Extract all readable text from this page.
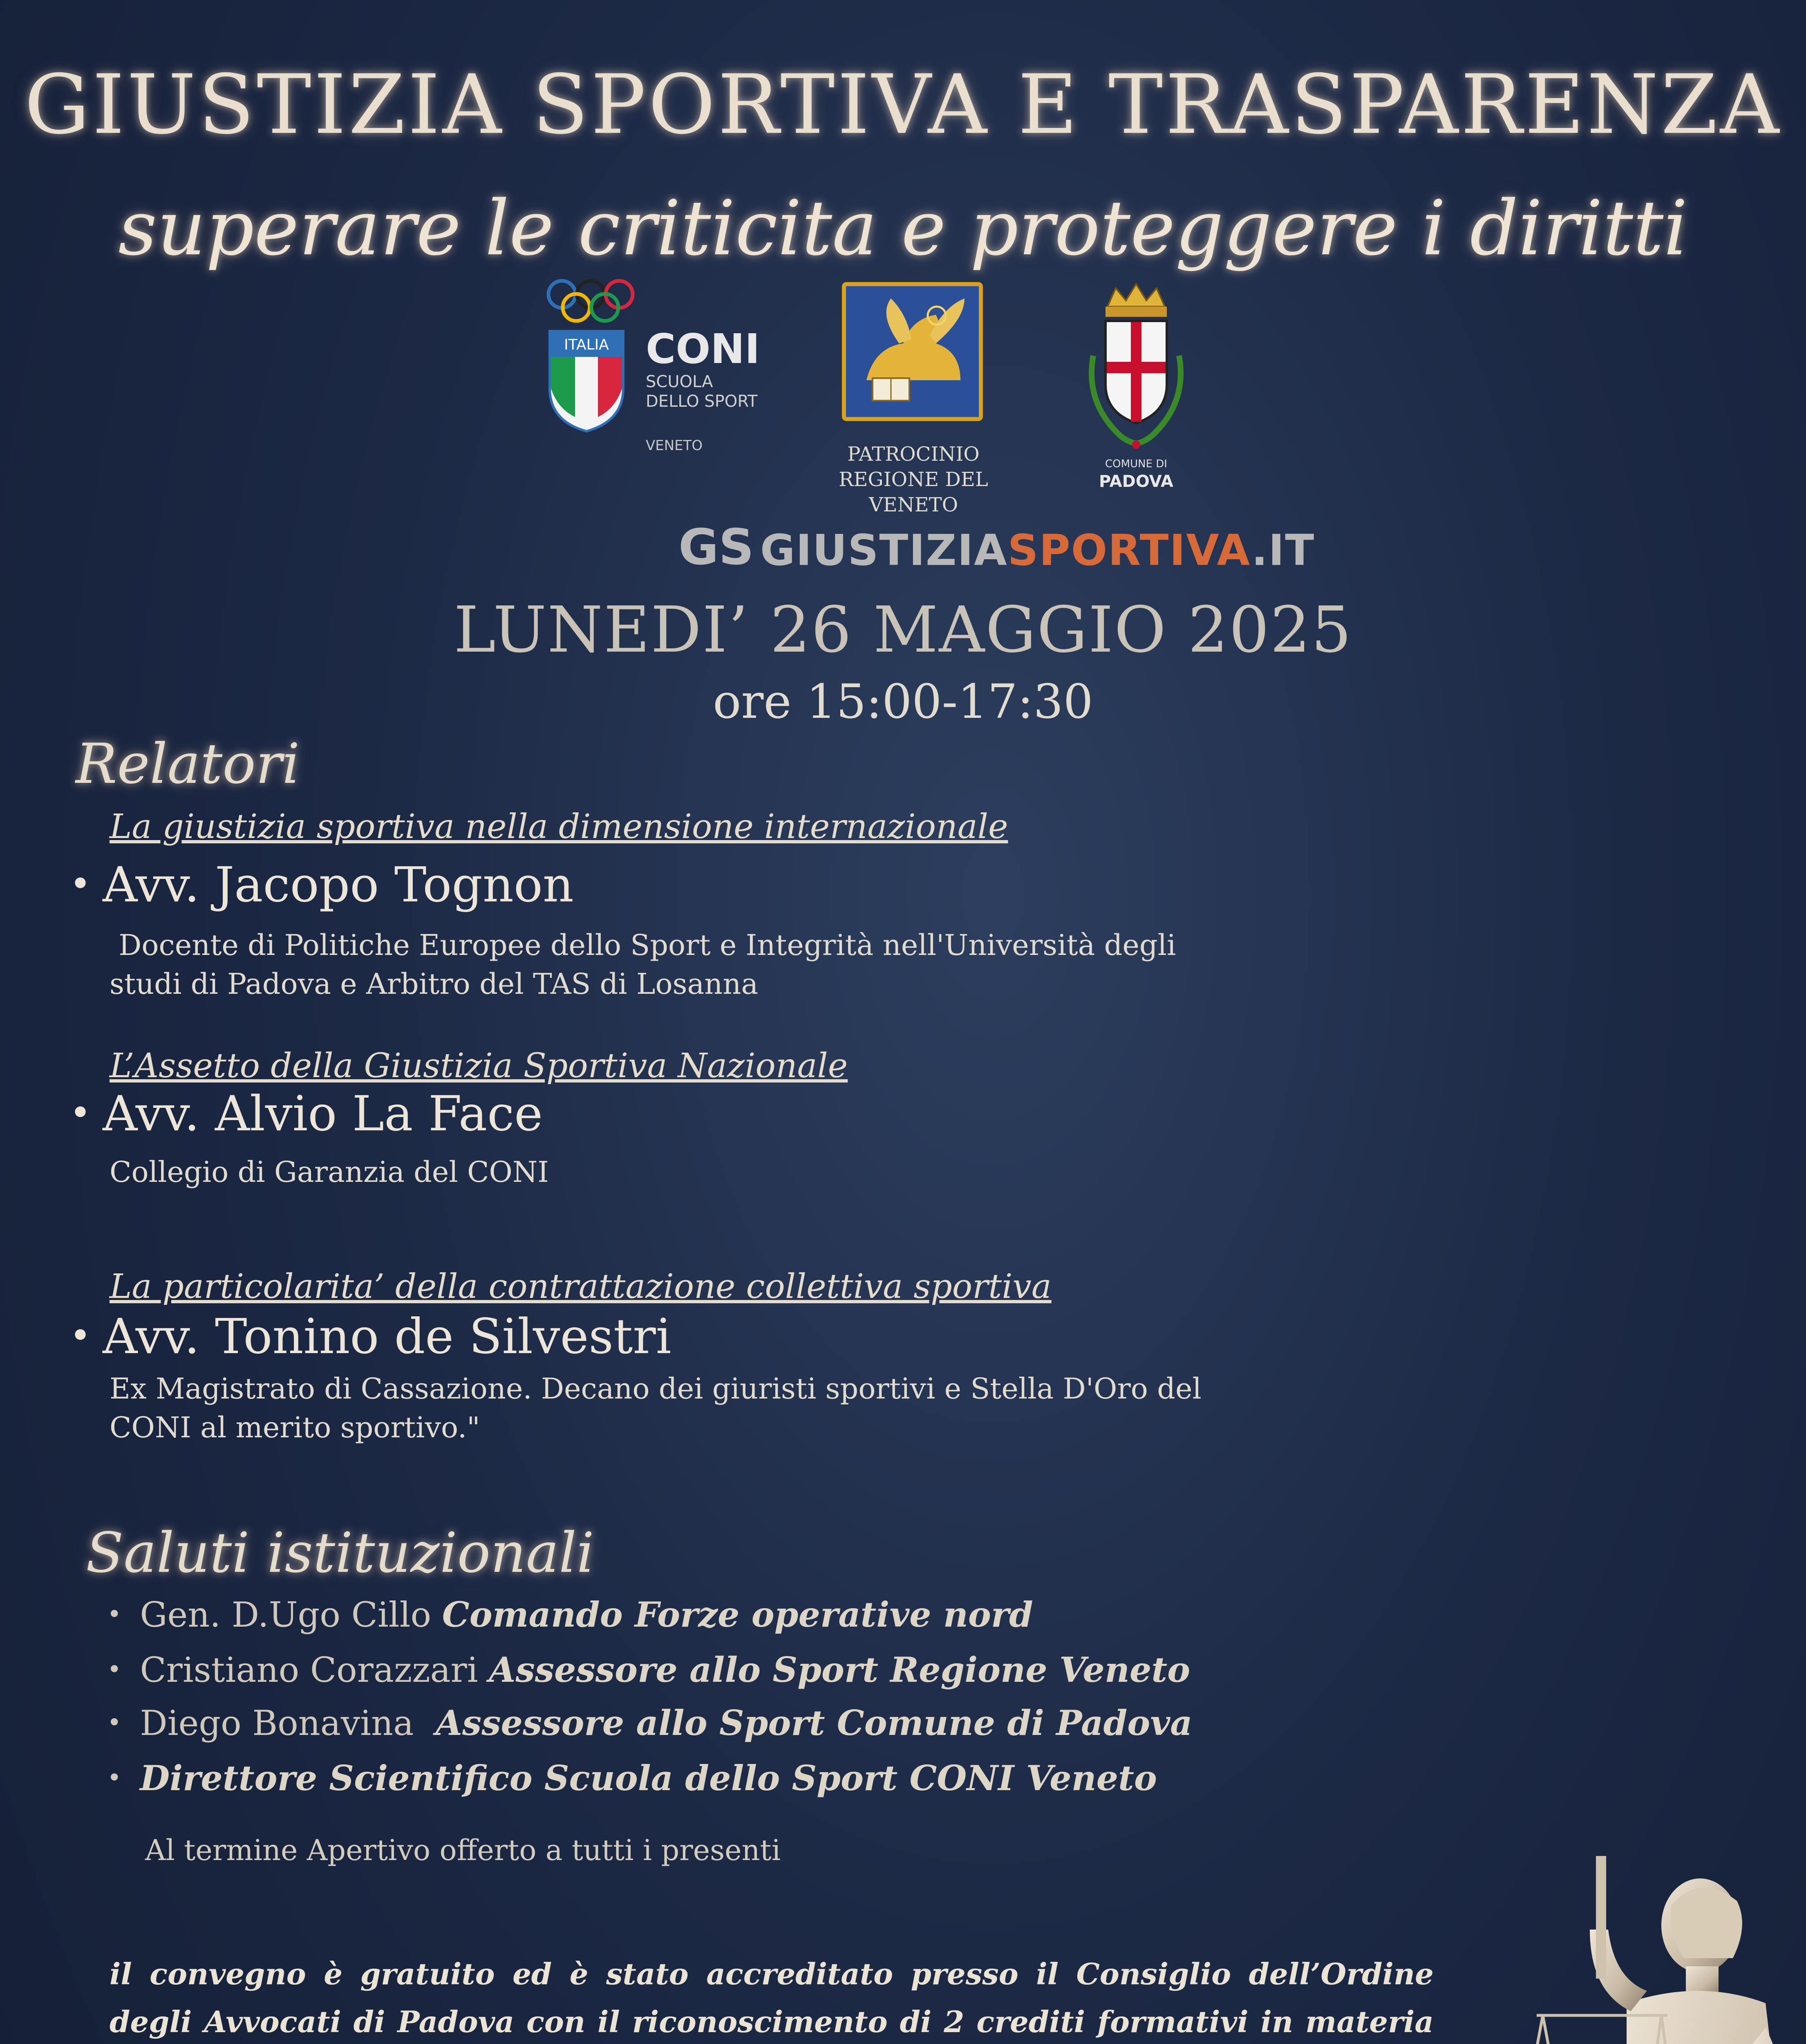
GIUSTIZIA SPORTIVA E TRASPARENZA
superare le criticita e proteggere i diritti
ITALIA CONI
SCUOLA
DELLO SPORT
VENETO	PATROCINIO
REGIONE DEL VENETO
COMUNE DI
PADOVA
GS GIUSTIZIASPORTIVA.IT
LUNEDI’ 26 MAGGIO 2025
ore 15:00-17:30
Relatori
La giustizia sportiva nella dimensione internazionale
• Avv. Jacopo Tognon
Docente di Politiche Europee dello Sport e Integrità nell'Università degli
studi di Padova e Arbitro del TAS di Losanna
L’Assetto della Giustizia Sportiva Nazionale
• Avv. Alvio La Face
Collegio di Garanzia del CONI
La particolarita’ della contrattazione collettiva sportiva
• Avv. Tonino de Silvestri
Ex Magistrato di Cassazione. Decano dei giuristi sportivi e Stella D'Oro del
CONI al merito sportivo."
Saluti istituzionali
• Gen. D.Ugo Cillo Comando Forze operative nord
• Cristiano Corazzari Assessore allo Sport Regione Veneto
• Diego Bonavina  Assessore allo Sport Comune di Padova
• Direttore Scientifico Scuola dello Sport CONI Veneto
Al termine Apertivo offerto a tutti i presenti

il convegno è gratuito ed è stato accreditato presso il Consiglio dell’Ordine degli Avvocati di Padova con il riconoscimento di 2 crediti formativi in materia
